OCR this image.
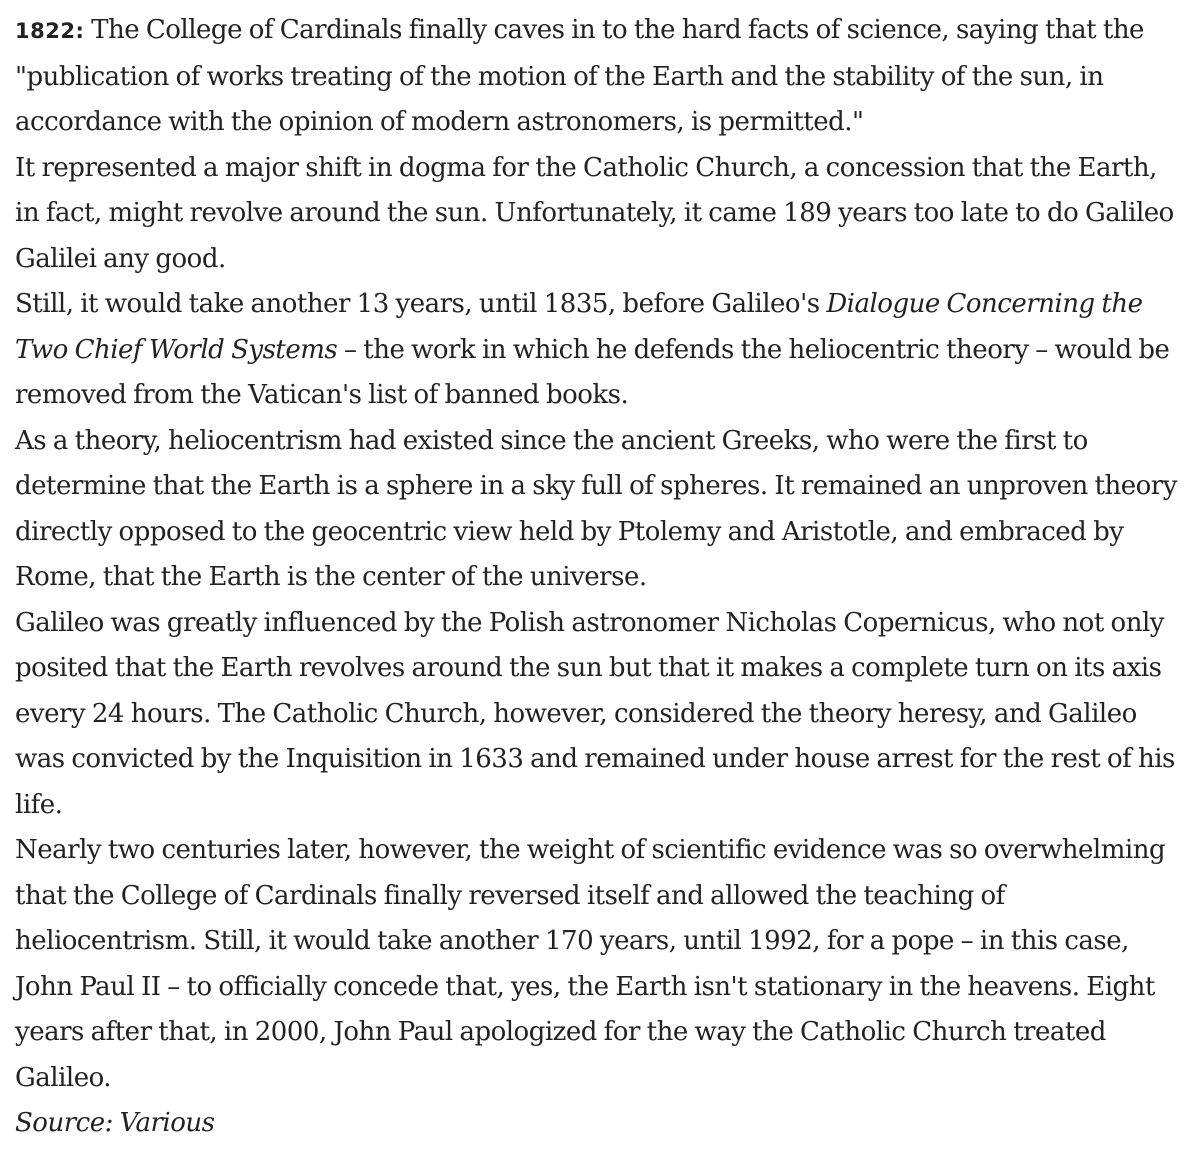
1822: The College of Cardinals finally caves in to the hard facts of science, saying that the "publication of works treating of the motion of the Earth and the stability of the sun, in accordance with the opinion of modern astronomers, is permitted."

It represented a major shift in dogma for the Catholic Church, a concession that the Earth, in fact, might revolve around the sun. Unfortunately, it came 189 years too late to do Galileo Galilei any good.

Still, it would take another 13 years, until 1835, before Galileo's Dialogue Concerning the Two Chief World Systems – the work in which he defends the heliocentric theory – would be removed from the Vatican's list of banned books.

As a theory, heliocentrism had existed since the ancient Greeks, who were the first to determine that the Earth is a sphere in a sky full of spheres. It remained an unproven theory directly opposed to the geocentric view held by Ptolemy and Aristotle, and embraced by Rome, that the Earth is the center of the universe.

Galileo was greatly influenced by the Polish astronomer Nicholas Copernicus, who not only posited that the Earth revolves around the sun but that it makes a complete turn on its axis every 24 hours. The Catholic Church, however, considered the theory heresy, and Galileo was convicted by the Inquisition in 1633 and remained under house arrest for the rest of his life.

Nearly two centuries later, however, the weight of scientific evidence was so overwhelming that the College of Cardinals finally reversed itself and allowed the teaching of heliocentrism. Still, it would take another 170 years, until 1992, for a pope – in this case, John Paul II – to officially concede that, yes, the Earth isn't stationary in the heavens. Eight years after that, in 2000, John Paul apologized for the way the Catholic Church treated Galileo.

Source: Various
